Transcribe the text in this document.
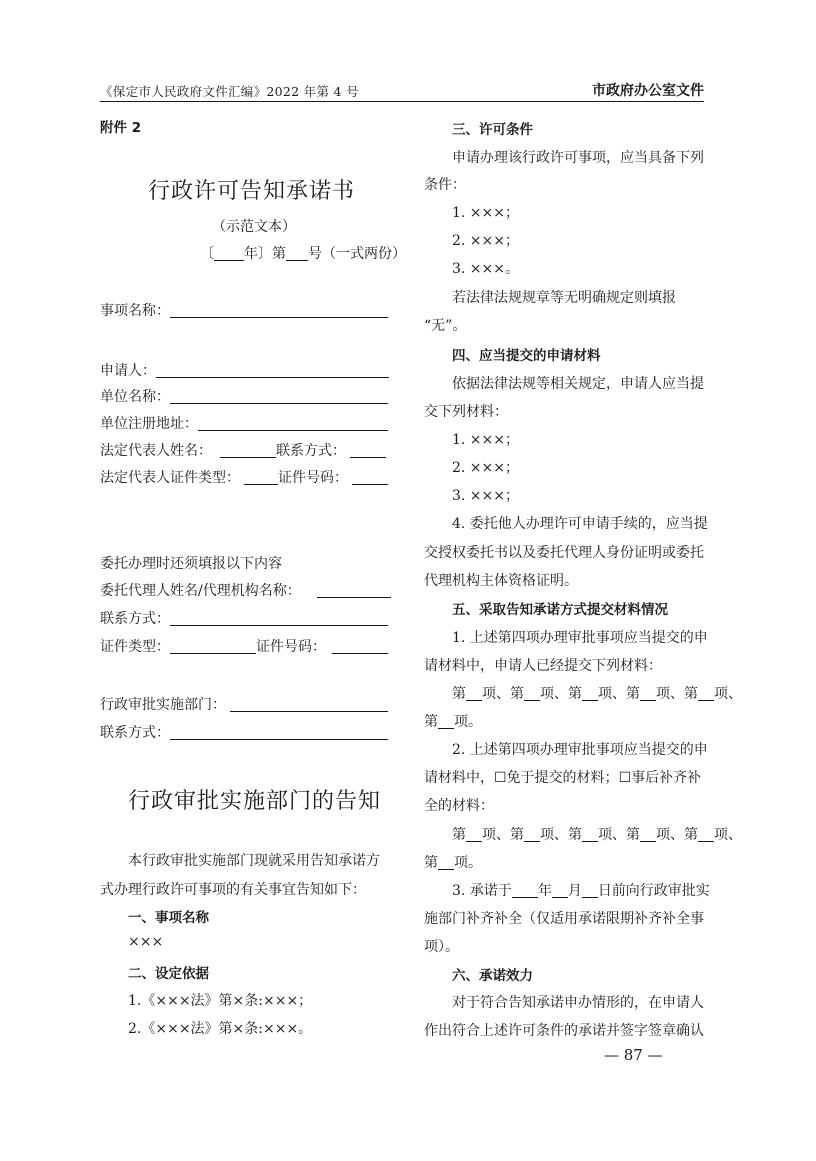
《保定市人民政府文件汇编》2022 年第 4 号	市政府办公室文件
附件 2
行政许可告知承诺书
（示范文本）
〔 年〕第 号（一式两份）
事项名称：
申请人：
单位名称：
单位注册地址：
法定代表人姓名：	联系方式：
法定代表人证件类型：	证件号码：
委托办理时还须填报以下内容
委托代理人姓名/代理机构名称：
联系方式：
证件类型：	证件号码：
行政审批实施部门：
联系方式：
行政审批实施部门的告知
本行政审批实施部门现就采用告知承诺方
式办理行政许可事项的有关事宜告知如下：
一、事项名称
×××
二、设定依据
1.《×××法》第×条:×××；
2.《×××法》第×条:×××。
三、许可条件
申请办理该行政许可事项，应当具备下列
条件：
1. ×××；
2. ×××；
3. ×××。
若法律法规规章等无明确规定则填报
“无”。
四、应当提交的申请材料
依据法律法规等相关规定，申请人应当提
交下列材料：
1. ×××；
2. ×××；
3. ×××；
4. 委托他人办理许可申请手续的，应当提
交授权委托书以及委托代理人身份证明或委托
代理机构主体资格证明。
五、采取告知承诺方式提交材料情况
1. 上述第四项办理审批事项应当提交的申
请材料中，申请人已经提交下列材料：
第 项、第 项、第 项、第 项、第 项、
第 项。
2. 上述第四项办理审批事项应当提交的申
请材料中，☐免于提交的材料；☐事后补齐补
全的材料：
第 项、第 项、第 项、第 项、第 项、
第 项。
3. 承诺于 年 月 日前向行政审批实
施部门补齐补全（仅适用承诺限期补齐补全事
项）。
六、承诺效力
对于符合告知承诺申办情形的，在申请人
作出符合上述许可条件的承诺并签字签章确认
— 87 —
